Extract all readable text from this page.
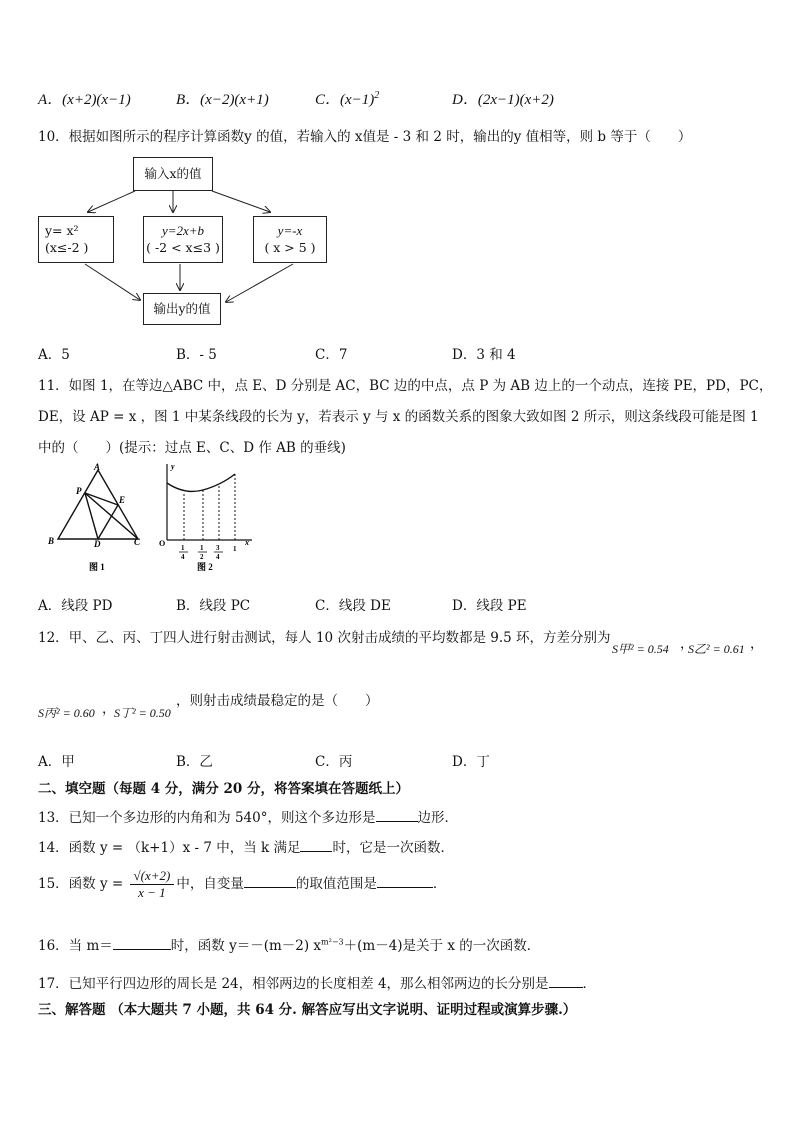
A．(x+2)(x−1)	B．(x−2)(x+1)	C．$(x-1)^2$	D．(2x−1)(x+2)
10．根据如图所示的程序计算函数y 的值，若输入的 x值是 - 3 和 2 时，输出的y 值相等，则 b 等于（　　）
输入x的值
y= x²
(x≤-2 )
y=2x+b
( -2 < x≤3 )
y=-x
( x > 5 )
输出y的值
A．5	B．- 5	C．7	D．3 和 4
11．如图 1，在等边△ABC 中，点 E、D 分别是 AC，BC 边的中点，点 P 为 AB 边上的一个动点，连接 PE，PD，PC，
DE，设 AP = x ，图 1 中某条线段的长为 y，若表示 y 与 x 的函数关系的图象大致如图 2 所示，则这条线段可能是图 1
中的（　　）(提示：过点 E、C、D 作 AB 的垂线)
A
B	C
D
E
P
图 1
y
x
O 1
4
1
2
3
4
1
图 2
A．线段 PD	B．线段 PC	C．线段 DE	D．线段 PE
12．甲、乙、丙、丁四人进行射击测试，每人 10 次射击成绩的平均数都是 9.5 环，方差分别为
S甲² = 0.54 ，
S乙² = 0.61 ，
S丙² = 0.60 ，
S丁² = 0.50
，则射击成绩最稳定的是（　　）
A．甲	B．乙	C．丙	D．丁
二、填空题（每题 4 分，满分 20 分，将答案填在答题纸上）
13．已知一个多边形的内角和为 540°，则这个多边形是	边形．
14．函数 y = （k+1）x - 7 中，当 k 满足 时，它是一次函数．
15．函数 $y = \frac{√(x+2)}{x - 1}$ 中，自变量	的取值范围是	．
16．当 m＝	时，函数 y＝－(m－2) $x^{m^2-3}+(m-4)$是关于 x 的一次函数．
17．已知平行四边形的周长是 24，相邻两边的长度相差 4，那么相邻两边的长分别是	．
三、解答题 （本大题共 7 小题，共 64 分. 解答应写出文字说明、证明过程或演算步骤.）
